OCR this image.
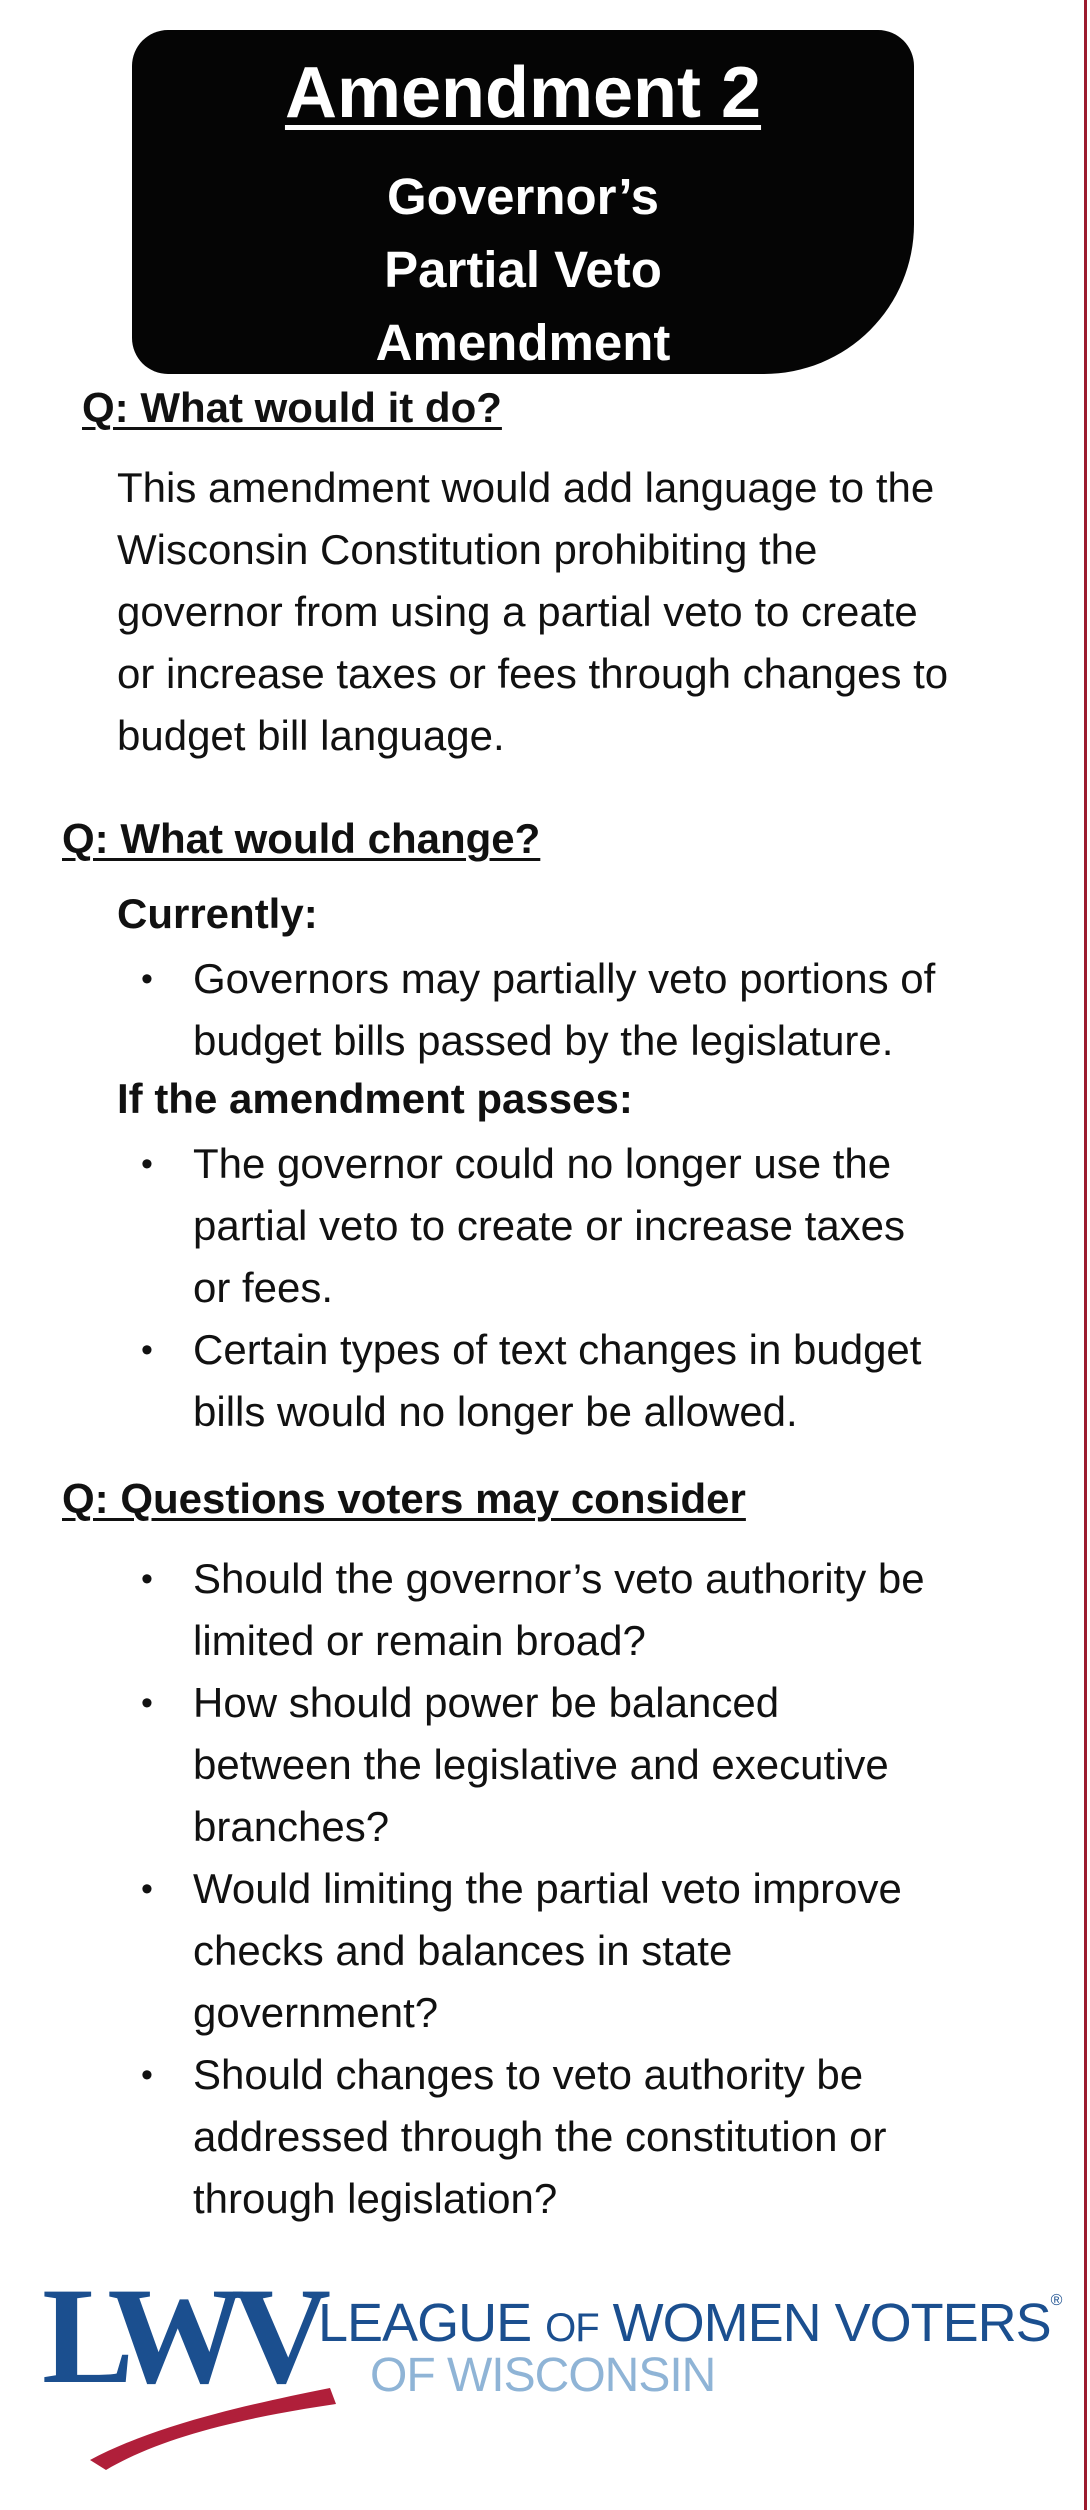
Amendment 2
Governor’s
Partial Veto
Amendment
Q: What would it do?
This amendment would add language to the
Wisconsin Constitution prohibiting the
governor from using a partial veto to create
or increase taxes or fees through changes to
budget bill language.
Q: What would change?
Currently:
• Governors may partially veto portions of
budget bills passed by the legislature.
If the amendment passes:
• The governor could no longer use the
partial veto to create or increase taxes
or fees.
• Certain types of text changes in budget
bills would no longer be allowed.
Q: Questions voters may consider
• Should the governor’s veto authority be
limited or remain broad?
• How should power be balanced
between the legislative and executive
branches?
• Would limiting the partial veto improve
checks and balances in state
government?
• Should changes to veto authority be
addressed through the constitution or
through legislation?
LWV LEAGUE OF WOMEN VOTERS®
OF WISCONSIN
